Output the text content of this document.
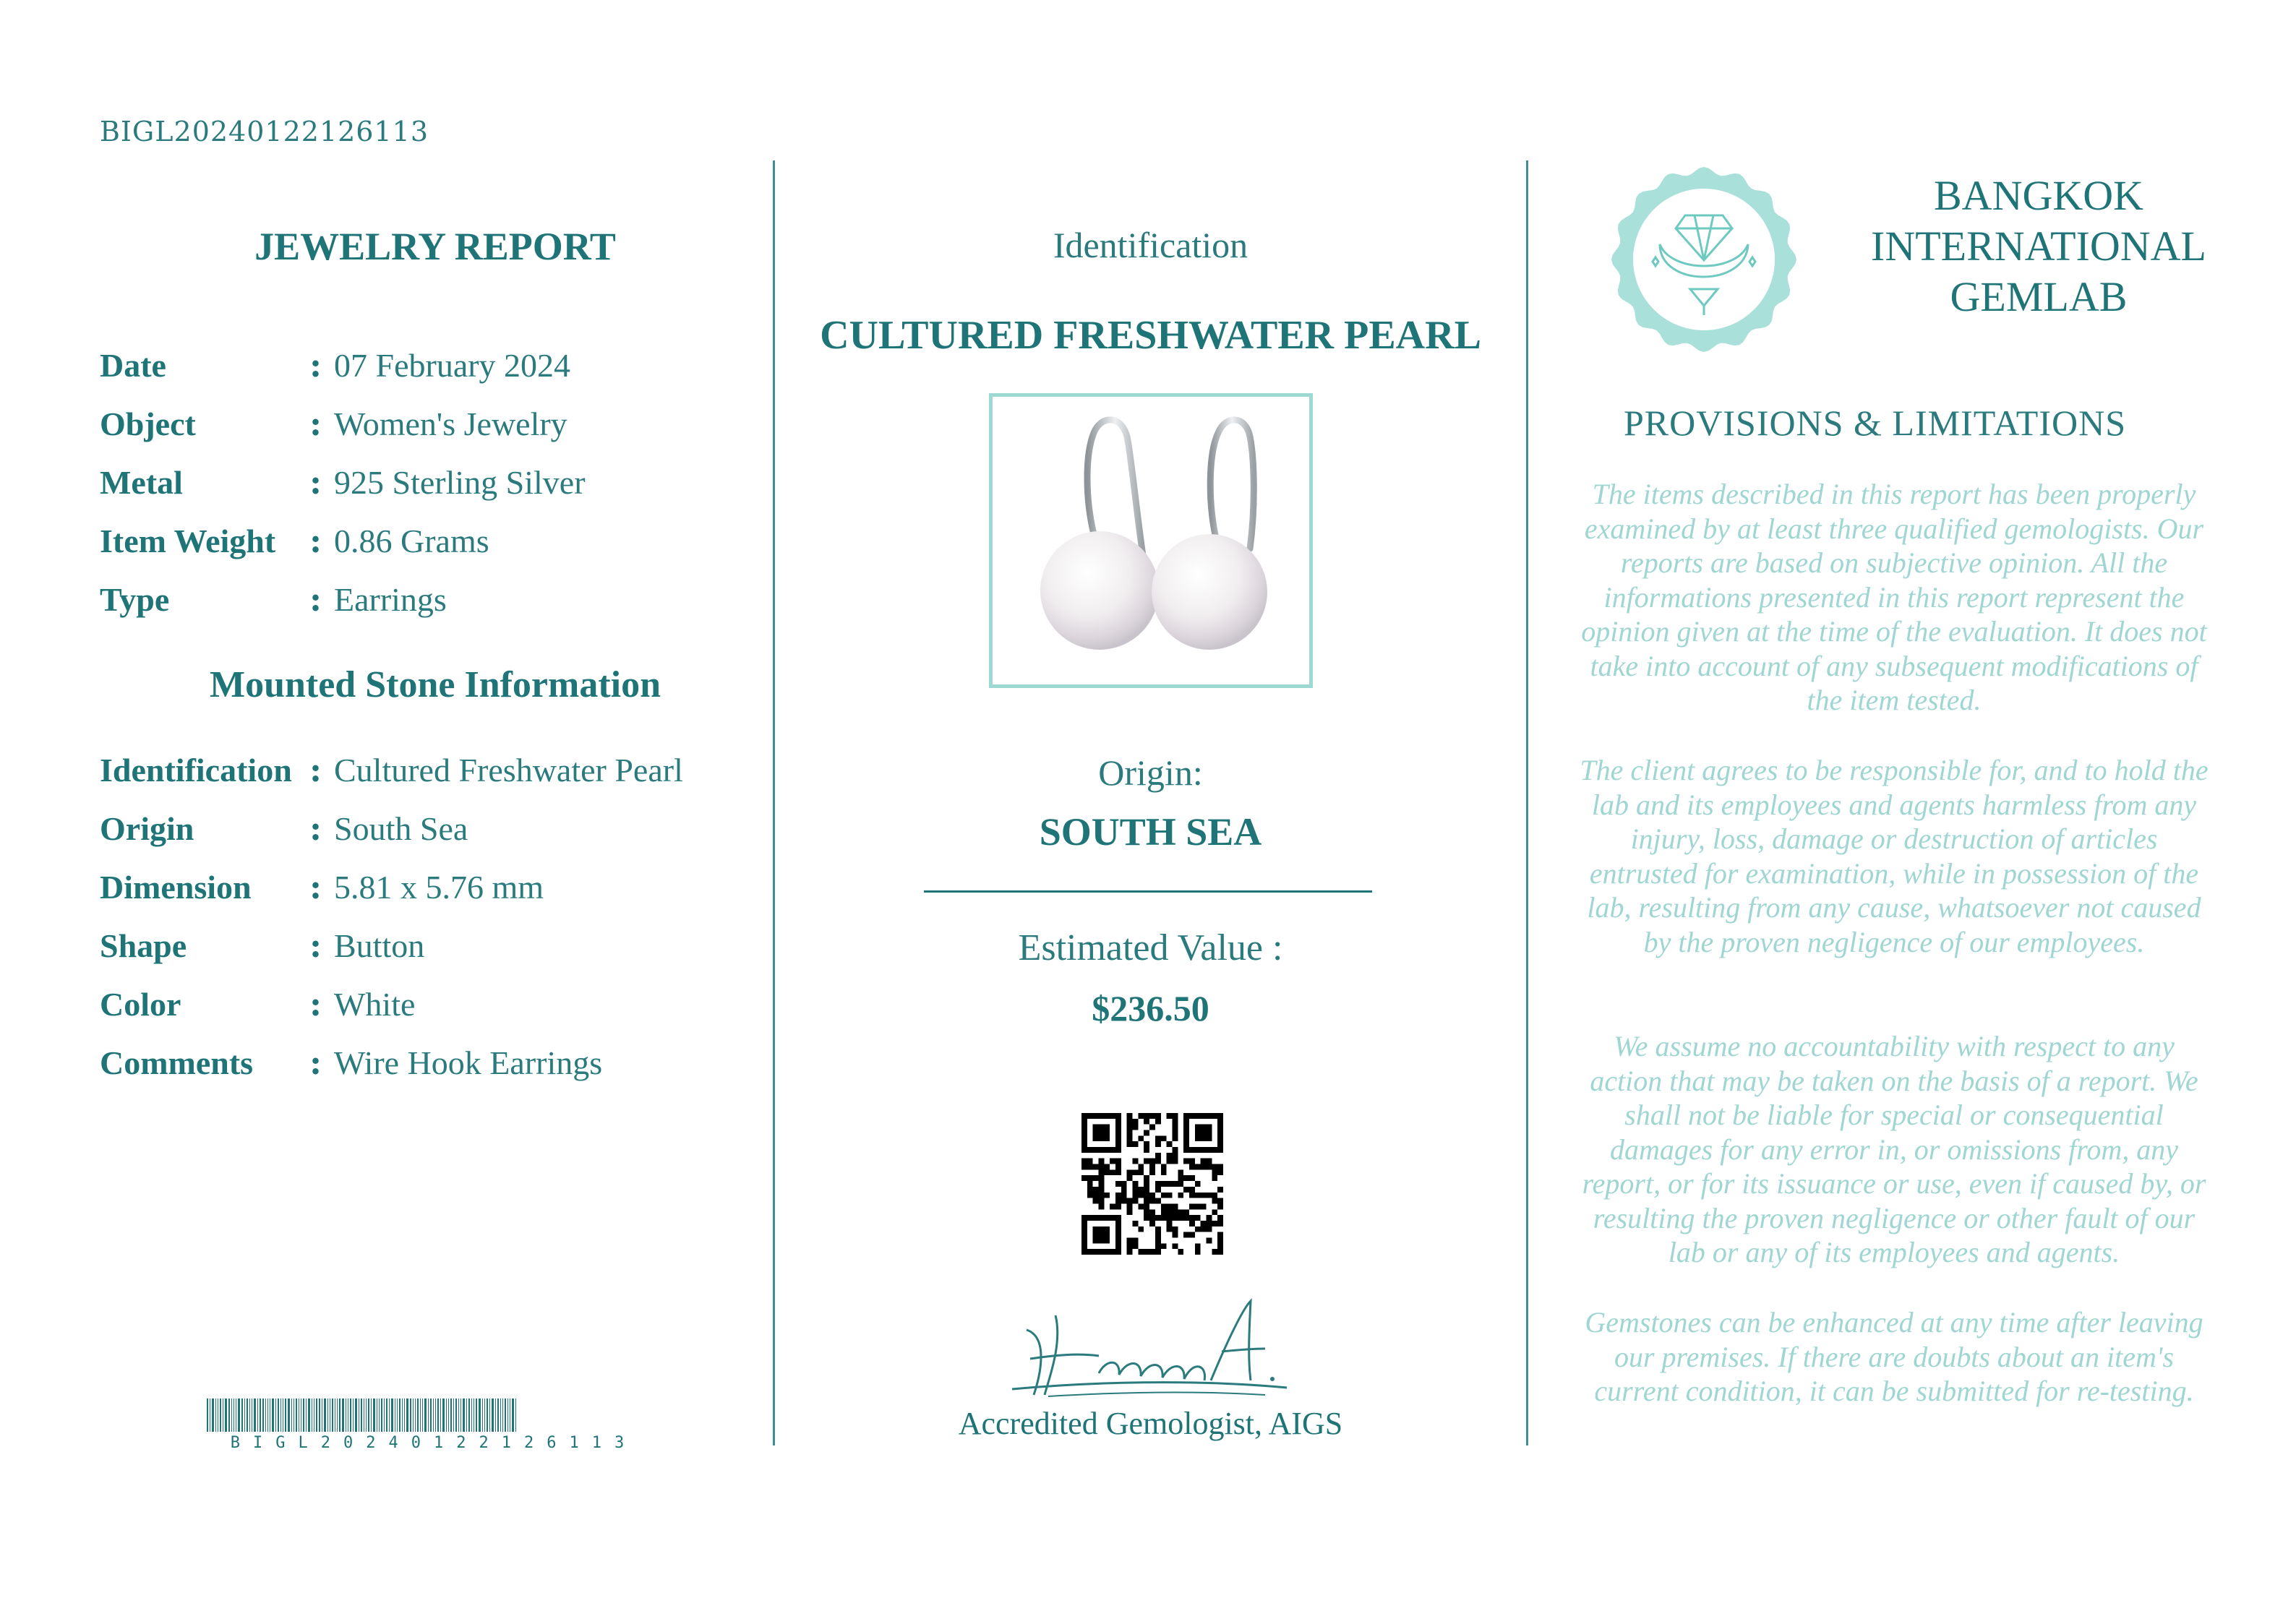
BIGL20240122126113
JEWELRY REPORT
Date	: 07 February 2024
Object	: Women's Jewelry
Metal	: 925 Sterling Silver
Item Weight	: 0.86 Grams
Type	: Earrings
Mounted Stone Information
Identification : Cultured Freshwater Pearl
Origin	: South Sea
Dimension	: 5.81 x 5.76 mm
Shape	: Button
Color	: White
Comments	: Wire Hook Earrings
BIGL20240122126113
Identification
CULTURED FRESHWATER PEARL
Origin:
SOUTH SEA
Estimated Value :
$236.50
Accredited Gemologist, AIGS
BANGKOK
INTERNATIONAL
GEMLAB
PROVISIONS & LIMITATIONS
The items described in this report has been properly examined by at least three qualified gemologists. Our reports are based on subjective opinion. All the informations presented in this report represent the opinion given at the time of the evaluation. It does not take into account of any subsequent modifications of the item tested.
The client agrees to be responsible for, and to hold the lab and its employees and agents harmless from any injury, loss, damage or destruction of articles entrusted for examination, while in possession of the lab, resulting from any cause, whatsoever not caused by the proven negligence of our employees.
We assume no accountability with respect to any action that may be taken on the basis of a report. We shall not be liable for special or consequential damages for any error in, or omissions from, any report, or for its issuance or use, even if caused by, or resulting the proven negligence or other fault of our lab or any of its employees and agents.
Gemstones can be enhanced at any time after leaving our premises. If there are doubts about an item's current condition, it can be submitted for re-testing.
